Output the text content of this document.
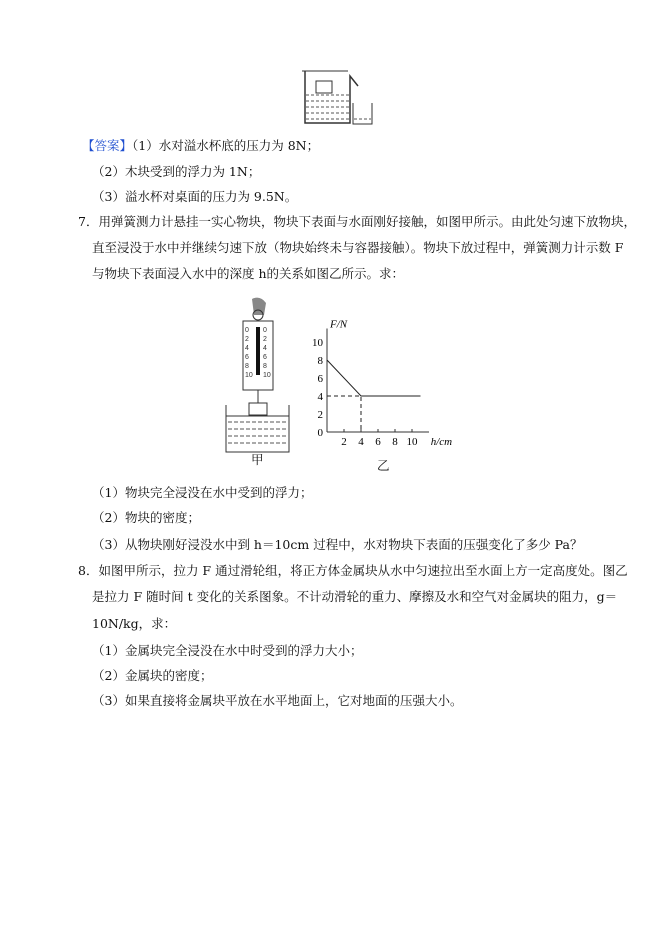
【答案】（1）水对溢水杯底的压力为 8N；
（2）木块受到的浮力为 1N；
（3）溢水杯对桌面的压力为 9.5N。
7．用弹簧测力计悬挂一实心物块，物块下表面与水面刚好接触，如图甲所示。由此处匀速下放物块，
直至浸没于水中并继续匀速下放（物块始终未与容器接触）。物块下放过程中，弹簧测力计示数 F
与物块下表面浸入水中的深度 h的关系如图乙所示。求：
0 0
2 2
4 4
6 6
8 8
10 10
甲	乙
2 4 6 8 10
0
2
4
6
8
10
h/cm
F/N
（1）物块完全浸没在水中受到的浮力；
（2）物块的密度；
（3）从物块刚好浸没水中到 h＝10cm 过程中，水对物块下表面的压强变化了多少 Pa？
8．如图甲所示，拉力 F 通过滑轮组，将正方体金属块从水中匀速拉出至水面上方一定高度处。图乙
是拉力 F 随时间 t 变化的关系图象。不计动滑轮的重力、摩擦及水和空气对金属块的阻力，g＝
10N/kg，求：
（1）金属块完全浸没在水中时受到的浮力大小；
（2）金属块的密度；
（3）如果直接将金属块平放在水平地面上，它对地面的压强大小。
